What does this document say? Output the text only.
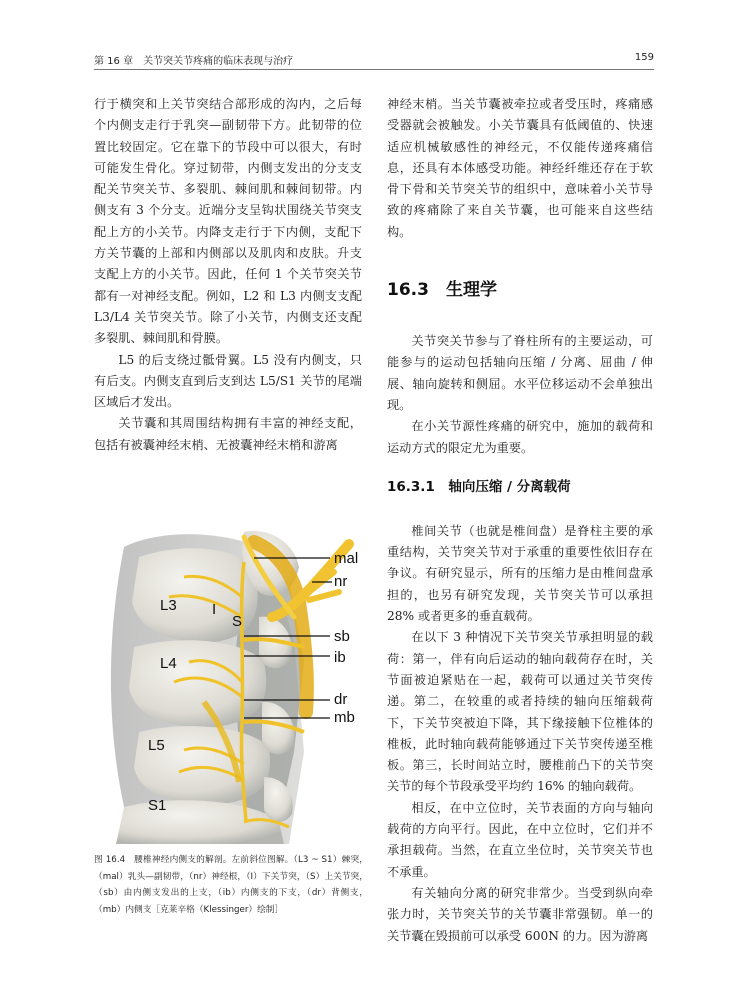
第 16 章　关节突关节疼痛的临床表现与治疗	159

行于横突和上关节突结合部形成的沟内，之后每个内侧支走行于乳突—副韧带下方。此韧带的位置比较固定。它在靠下的节段中可以很大，有时可能发生骨化。穿过韧带，内侧支发出的分支支配关节突关节、多裂肌、棘间肌和棘间韧带。内侧支有 3 个分支。近端分支呈钩状围绕关节突支配上方的小关节。内降支走行于下内侧，支配下方关节囊的上部和内侧部以及肌肉和皮肤。升支支配上方的小关节。因此，任何 1 个关节突关节都有一对神经支配。例如，L2 和 L3 内侧支支配 L3/L4 关节突关节。除了小关节，内侧支还支配多裂肌、棘间肌和骨膜。

L5 的后支绕过骶骨翼。L5 没有内侧支，只有后支。内侧支直到后支到达 L5/S1 关节的尾端区域后才发出。

关节囊和其周围结构拥有丰富的神经支配，包括有被囊神经末梢、无被囊神经末梢和游离

神经末梢。当关节囊被牵拉或者受压时，疼痛感受器就会被触发。小关节囊具有低阈值的、快速适应机械敏感性的神经元，不仅能传递疼痛信息，还具有本体感受功能。神经纤维还存在于软骨下骨和关节突关节的组织中，意味着小关节导致的疼痛除了来自关节囊，也可能来自这些结构。

16.3　生理学

关节突关节参与了脊柱所有的主要运动，可能参与的运动包括轴向压缩 / 分离、屈曲 / 伸展、轴向旋转和侧屈。水平位移运动不会单独出现。

在小关节源性疼痛的研究中，施加的载荷和运动方式的限定尤为重要。

16.3.1　轴向压缩 / 分离载荷

椎间关节（也就是椎间盘）是脊柱主要的承重结构，关节突关节对于承重的重要性依旧存在争议。有研究显示，所有的压缩力是由椎间盘承担的，也另有研究发现，关节突关节可以承担 28% 或者更多的垂直载荷。

在以下 3 种情况下关节突关节承担明显的载荷：第一，伴有向后运动的轴向载荷存在时，关节面被迫紧贴在一起，载荷可以通过关节突传递。第二，在较重的或者持续的轴向压缩载荷下，下关节突被迫下降，其下缘接触下位椎体的椎板，此时轴向载荷能够通过下关节突传递至椎板。第三，长时间站立时，腰椎前凸下的关节突关节的每个节段承受平均约 16% 的轴向载荷。

相反，在中立位时，关节表面的方向与轴向载荷的方向平行。因此，在中立位时，它们并不承担载荷。当然，在直立坐位时，关节突关节也不承重。

有关轴向分离的研究非常少。当受到纵向牵张力时，关节突关节的关节囊非常强韧。单一的关节囊在毁损前可以承受 600N 的力。因为游离

mal
nr
L3 I
S
sb
ib
L4
dr
mb
L5
S1
图 16.4　腰椎神经内侧支的解剖。左前斜位图解。（L3 ~ S1）棘突，（mal）乳头—副韧带，（nr）神经根，（I）下关节突，（S）上关节突，（sb）由内侧支发出的上支，（ib）内侧支的下支，（dr）背侧支，（mb）内侧支［克莱辛格（Klessinger）绘制］
